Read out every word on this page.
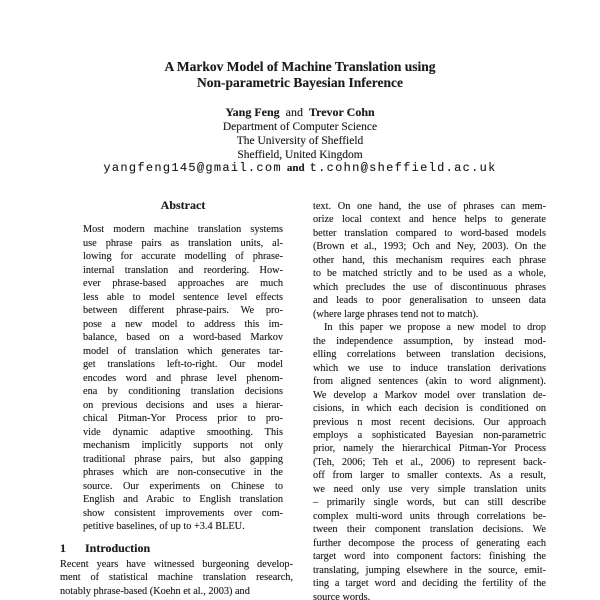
A Markov Model of Machine Translation using
Non-parametric Bayesian Inference
Yang Feng and Trevor Cohn
Department of Computer Science
The University of Sheffield
Sheffield, United Kingdom
yangfeng145@gmail.com and t.cohn@sheffield.ac.uk
Abstract
Most modern machine translation systems
use phrase pairs as translation units, al-
lowing for accurate modelling of phrase-
internal translation and reordering. How-
ever phrase-based approaches are much
less able to model sentence level effects
between different phrase-pairs. We pro-
pose a new model to address this im-
balance, based on a word-based Markov
model of translation which generates tar-
get translations left-to-right. Our model
encodes word and phrase level phenom-
ena by conditioning translation decisions
on previous decisions and uses a hierar-
chical Pitman-Yor Process prior to pro-
vide dynamic adaptive smoothing. This
mechanism implicitly supports not only
traditional phrase pairs, but also gapping
phrases which are non-consecutive in the
source. Our experiments on Chinese to
English and Arabic to English translation
show consistent improvements over com-
petitive baselines, of up to +3.4 BLEU.
1 Introduction
Recent years have witnessed burgeoning develop-
ment of statistical machine translation research,
notably phrase-based (Koehn et al., 2003) and
text. On one hand, the use of phrases can mem-
orize local context and hence helps to generate
better translation compared to word-based models
(Brown et al., 1993; Och and Ney, 2003). On the
other hand, this mechanism requires each phrase
to be matched strictly and to be used as a whole,
which precludes the use of discontinuous phrases
and leads to poor generalisation to unseen data
(where large phrases tend not to match).
In this paper we propose a new model to drop
the independence assumption, by instead mod-
elling correlations between translation decisions,
which we use to induce translation derivations
from aligned sentences (akin to word alignment).
We develop a Markov model over translation de-
cisions, in which each decision is conditioned on
previous n most recent decisions. Our approach
employs a sophisticated Bayesian non-parametric
prior, namely the hierarchical Pitman-Yor Process
(Teh, 2006; Teh et al., 2006) to represent back-
off from larger to smaller contexts. As a result,
we need only use very simple translation units
– primarily single words, but can still describe
complex multi-word units through correlations be-
tween their component translation decisions. We
further decompose the process of generating each
target word into component factors: finishing the
translating, jumping elsewhere in the source, emit-
ting a target word and deciding the fertility of the
source words.
